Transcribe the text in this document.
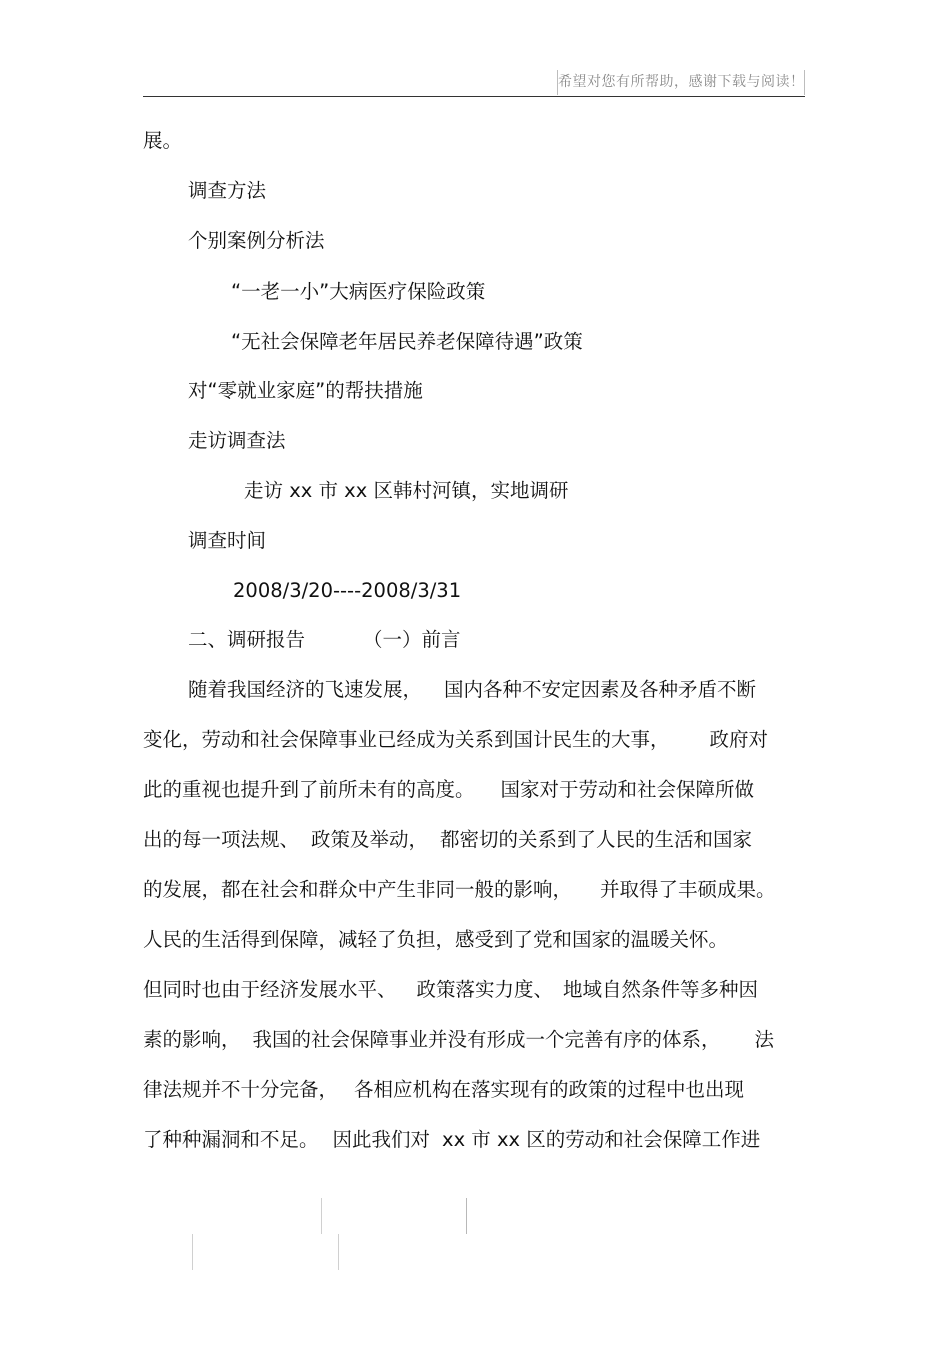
希望对您有所帮助，感谢下载与阅读！
展。
调查方法
个别案例分析法
“一老一小”大病医疗保险政策
“无社会保障老年居民养老保障待遇”政策
对“零就业家庭”的帮扶措施
走访调查法
走访 xx 市 xx 区韩村河镇，实地调研
调查时间
2008/3/20----2008/3/31
二、调研报告	（一）前言
随着我国经济的飞速发展， 国内各种不安定因素及各种矛盾不断
变化，劳动和社会保障事业已经成为关系到国计民生的大事， 政府对
此的重视也提升到了前所未有的高度。 国家对于劳动和社会保障所做
出的每一项法规、 政策及举动， 都密切的关系到了人民的生活和国家
的发展，都在社会和群众中产生非同一般的影响， 并取得了丰硕成果。
人民的生活得到保障，减轻了负担，感受到了党和国家的温暖关怀。
但同时也由于经济发展水平、 政策落实力度、 地域自然条件等多种因
素的影响， 我国的社会保障事业并没有形成一个完善有序的体系， 法
律法规并不十分完备， 各相应机构在落实现有的政策的过程中也出现
了种种漏洞和不足。 因此我们对 xx 市 xx 区的劳动和社会保障工作进
